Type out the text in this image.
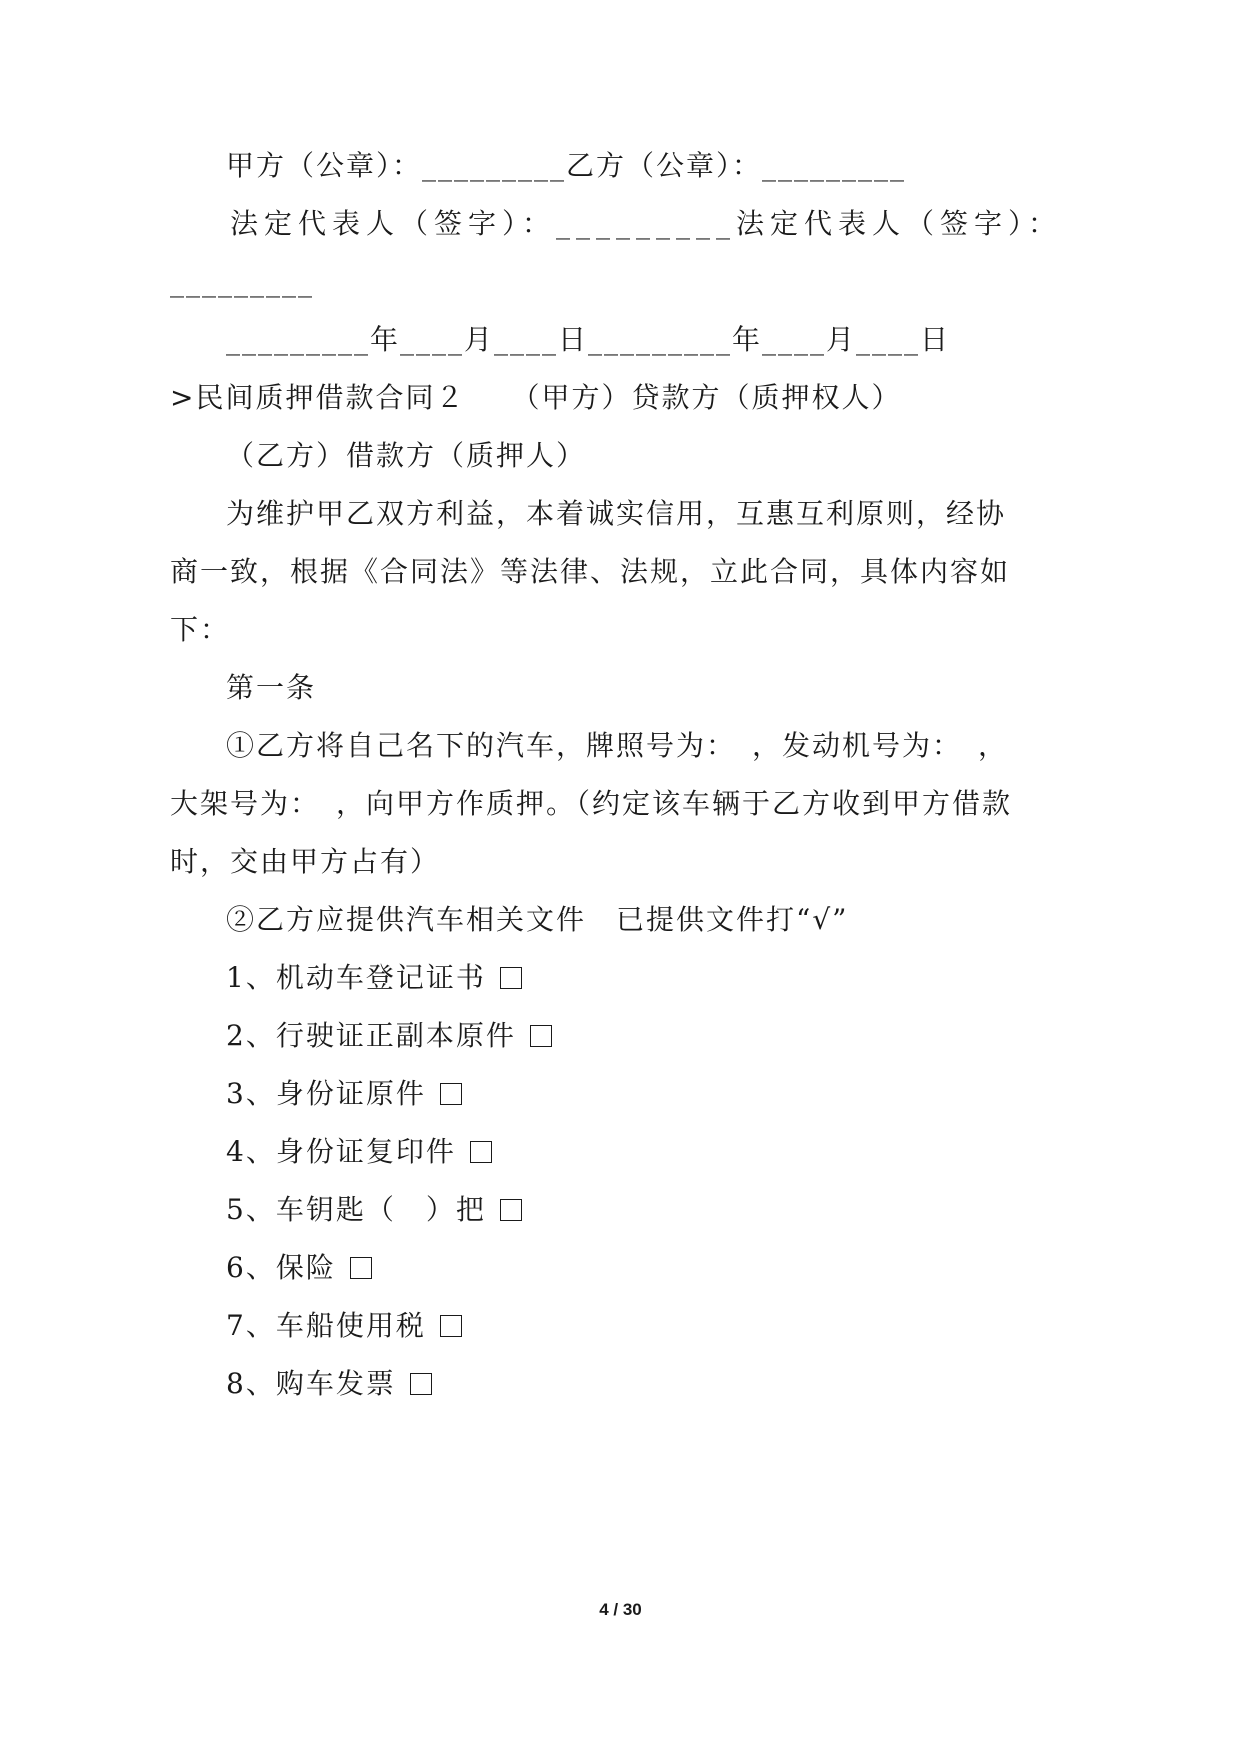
甲方（公章）：_________乙方（公章）：_________
法定代表人（签字）：_________法定代表人（签字）：
_________
_________年____月____日_________年____月____日
>民间质押借款合同２　　（甲方）贷款方（质押权人）
（乙方）借款方（质押人）
为维护甲乙双方利益，本着诚实信用，互惠互利原则，经协
商一致，根据《合同法》等法律、法规，立此合同，具体内容如
下：
第一条
①乙方将自己名下的汽车，牌照号为：　，发动机号为：　，
大架号为：　，向甲方作质押。（约定该车辆于乙方收到甲方借款
时，交由甲方占有）
②乙方应提供汽车相关文件　已提供文件打“√”
1、机动车登记证书
2、行驶证正副本原件
3、身份证原件
4、身份证复印件
5、车钥匙（　）把
6、保险
7、车船使用税
8、购车发票
4 / 30
